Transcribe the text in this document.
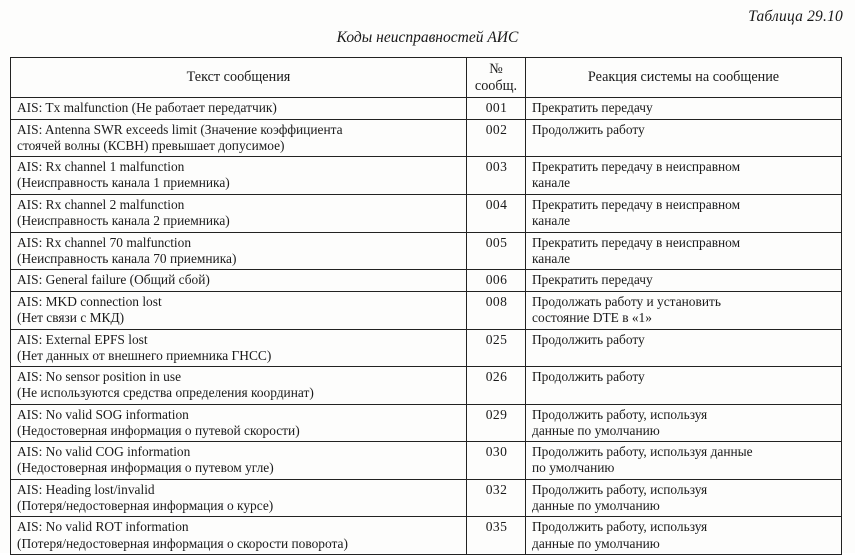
Таблица 29.10
Коды неисправностей АИС
Текст сообщения	№ сообщ.	Реакция системы на сообщение

AIS: Tx malfunction (Не работает передатчик)	001	Прекратить передачу

AIS: Antenna SWR exceeds limit (Значение коэффициента
стоячей волны (КСВН) превышает допусимое)	002	Продолжить работу

AIS: Rx channel 1 malfunction
(Неисправность канала 1 приемника)	003	Прекратить передачу в неисправном
канале

AIS: Rx channel 2 malfunction
(Неисправность канала 2 приемника)	004	Прекратить передачу в неисправном
канале

AIS: Rx channel 70 malfunction
(Неисправность канала 70 приемника)	005	Прекратить передачу в неисправном
канале

AIS: General failure (Общий сбой)	006	Прекратить передачу

AIS: MKD connection lost
(Нет связи с МКД)	008	Продолжать работу и установить
состояние DTE в «1»

AIS: External EPFS lost
(Нет данных от внешнего приемника ГНСС)	025	Продолжить работу

AIS: No sensor position in use
(Не используются средства определения координат)	026	Продолжить работу

AIS: No valid SOG information
(Недостоверная информация о путевой скорости)	029	Продолжить работу, используя
данные по умолчанию

AIS: No valid COG information
(Недостоверная информация о путевом угле)	030	Продолжить работу, используя данные
по умолчанию

AIS: Heading lost/invalid
(Потеря/недостоверная информация о курсе)	032	Продолжить работу, используя
данные по умолчанию

AIS: No valid ROT information
(Потеря/недостоверная информация о скорости поворота)	035	Продолжить работу, используя
данные по умолчанию
